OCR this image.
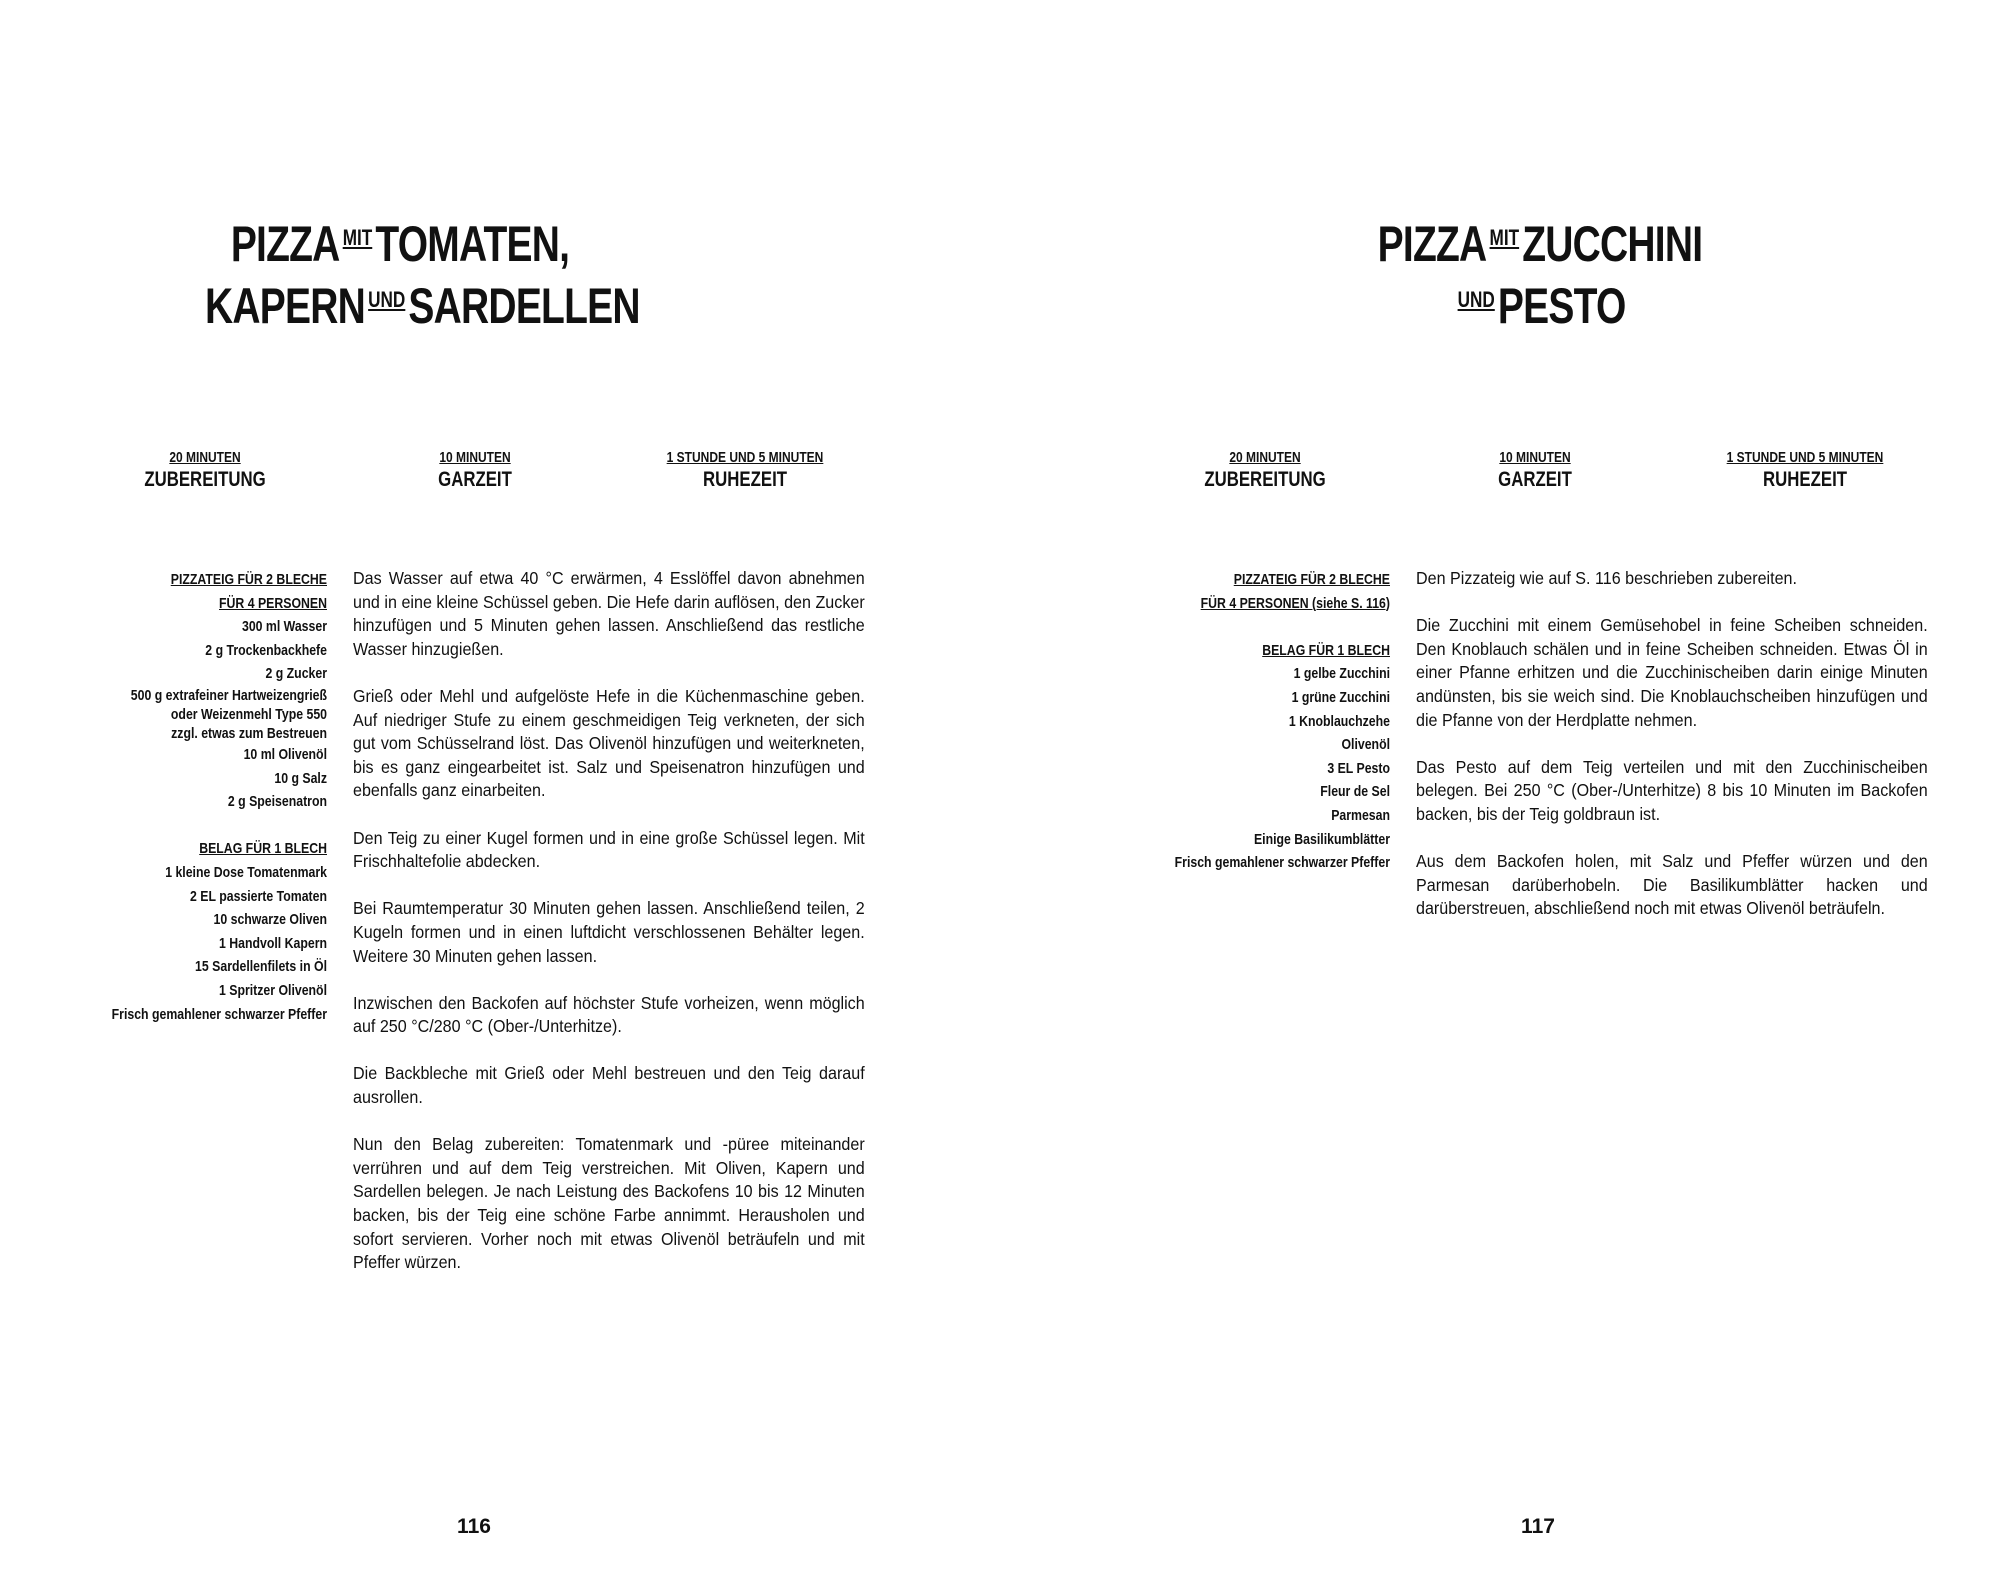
PIZZA $^{MIT}$TOMATEN,
KAPERN $^{UND}$SARDELLEN
20 MINUTEN
ZUBEREITUNG
10 MINUTEN
GARZEIT
1 STUNDE UND 5 MINUTEN
RUHEZEIT
PIZZATEIG FÜR 2 BLECHE
FÜR 4 PERSONEN
300 ml Wasser
2 g Trockenbackhefe
2 g Zucker
500 g extrafeiner Hartweizengrieß
oder Weizenmehl Type 550
zzgl. etwas zum Bestreuen
10 ml Olivenöl
10 g Salz
2 g Speisenatron
BELAG FÜR 1 BLECH
1 kleine Dose Tomatenmark
2 EL passierte Tomaten
10 schwarze Oliven
1 Handvoll Kapern
15 Sardellenfilets in Öl
1 Spritzer Olivenöl
Frisch gemahlener schwarzer Pfeffer

Das Wasser auf etwa 40 °C erwärmen, 4 Esslöffel davon abnehmen und in eine kleine Schüssel geben. Die Hefe darin auflösen, den Zucker hinzufügen und 5 Minuten gehen lassen. Anschließend das restliche Wasser hinzugießen.

Grieß oder Mehl und aufgelöste Hefe in die Küchenmaschine geben. Auf niedriger Stufe zu einem geschmeidigen Teig verkneten, der sich gut vom Schüsselrand löst. Das Olivenöl hinzufügen und weiterkneten, bis es ganz eingearbeitet ist. Salz und Speisenatron hinzufügen und ebenfalls ganz einarbeiten.

Den Teig zu einer Kugel formen und in eine große Schüssel legen. Mit Frischhaltefolie abdecken.

Bei Raumtemperatur 30 Minuten gehen lassen. Anschließend teilen, 2 Kugeln formen und in einen luftdicht verschlossenen Behälter legen. Weitere 30 Minuten gehen lassen.

Inzwischen den Backofen auf höchster Stufe vorheizen, wenn möglich auf 250 °C/280 °C (Ober-/Unterhitze).

Die Backbleche mit Grieß oder Mehl bestreuen und den Teig darauf ausrollen.

Nun den Belag zubereiten: Tomatenmark und -püree miteinander verrühren und auf dem Teig verstreichen. Mit Oliven, Kapern und Sardellen belegen. Je nach Leistung des Backofens 10 bis 12 Minuten backen, bis der Teig eine schöne Farbe annimmt. Herausholen und sofort servieren. Vorher noch mit etwas Olivenöl beträufeln und mit Pfeffer würzen.

116
PIZZA $^{MIT}$ZUCCHINI
$^{UND}$PESTO
20 MINUTEN
ZUBEREITUNG
10 MINUTEN
GARZEIT
1 STUNDE UND 5 MINUTEN
RUHEZEIT
PIZZATEIG FÜR 2 BLECHE
FÜR 4 PERSONEN (siehe S. 116)
BELAG FÜR 1 BLECH
1 gelbe Zucchini
1 grüne Zucchini
1 Knoblauchzehe
Olivenöl
3 EL Pesto
Fleur de Sel
Parmesan
Einige Basilikumblätter
Frisch gemahlener schwarzer Pfeffer

Den Pizzateig wie auf S. 116 beschrieben zubereiten.

Die Zucchini mit einem Gemüsehobel in feine Scheiben schneiden. Den Knoblauch schälen und in feine Scheiben schneiden. Etwas Öl in einer Pfanne erhitzen und die Zucchinischeiben darin einige Minuten andünsten, bis sie weich sind. Die Knoblauchscheiben hinzufügen und die Pfanne von der Herdplatte nehmen.

Das Pesto auf dem Teig verteilen und mit den Zucchinischeiben belegen. Bei 250 °C (Ober-/Unterhitze) 8 bis 10 Minuten im Backofen backen, bis der Teig goldbraun ist.

Aus dem Backofen holen, mit Salz und Pfeffer würzen und den Parmesan darüberhobeln. Die Basilikumblätter hacken und darüberstreuen, abschließend noch mit etwas Olivenöl beträufeln.

117
